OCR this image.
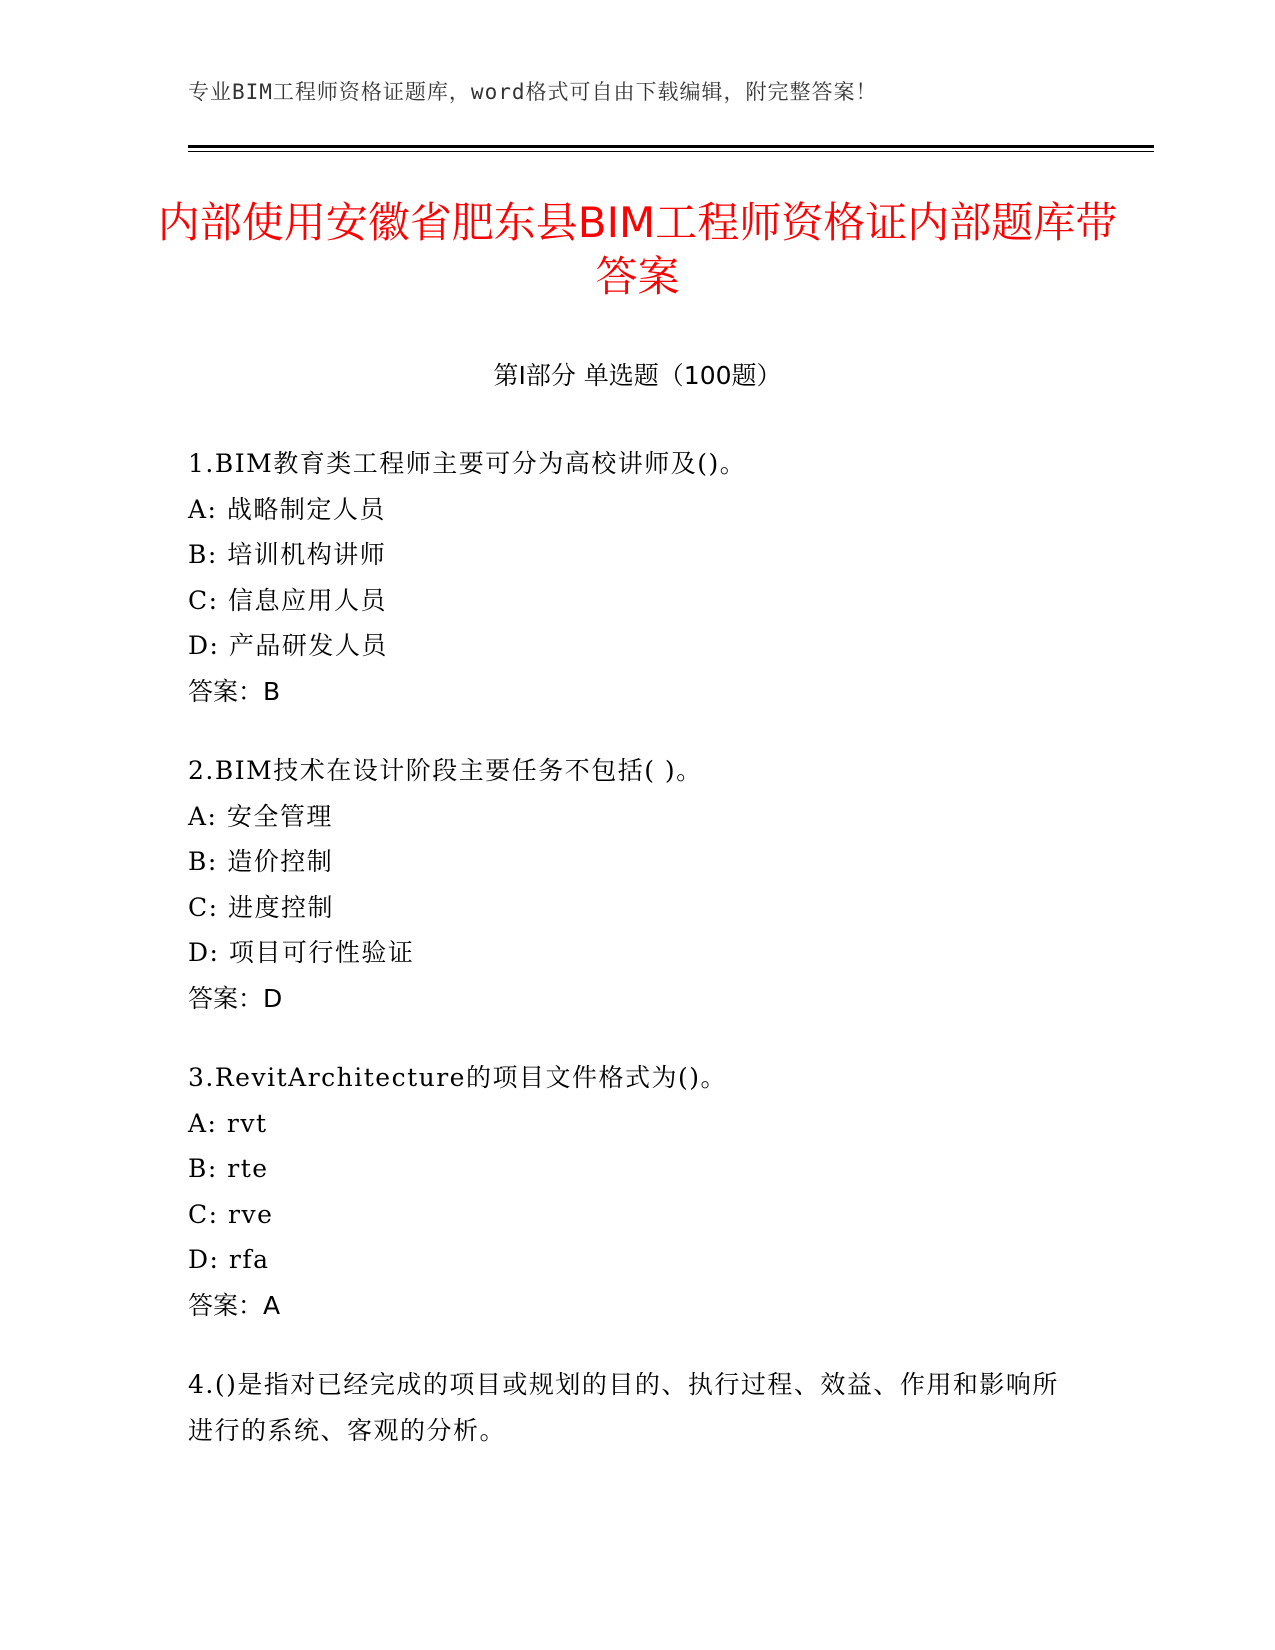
专业BIM工程师资格证题库，word格式可自由下载编辑，附完整答案！
内部使用安徽省肥东县BIM工程师资格证内部题库带答案
第Ⅰ部分 单选题（100题）
1.BIM教育类工程师主要可分为高校讲师及()。
A: 战略制定人员
B: 培训机构讲师
C: 信息应用人员
D: 产品研发人员
答案：B
2.BIM技术在设计阶段主要任务不包括( )。
A: 安全管理
B: 造价控制
C: 进度控制
D: 项目可行性验证
答案：D
3.RevitArchitecture的项目文件格式为()。
A: rvt
B: rte
C: rve
D: rfa
答案：A
4.()是指对已经完成的项目或规划的目的、执行过程、效益、作用和影响所进行的系统、客观的分析。
